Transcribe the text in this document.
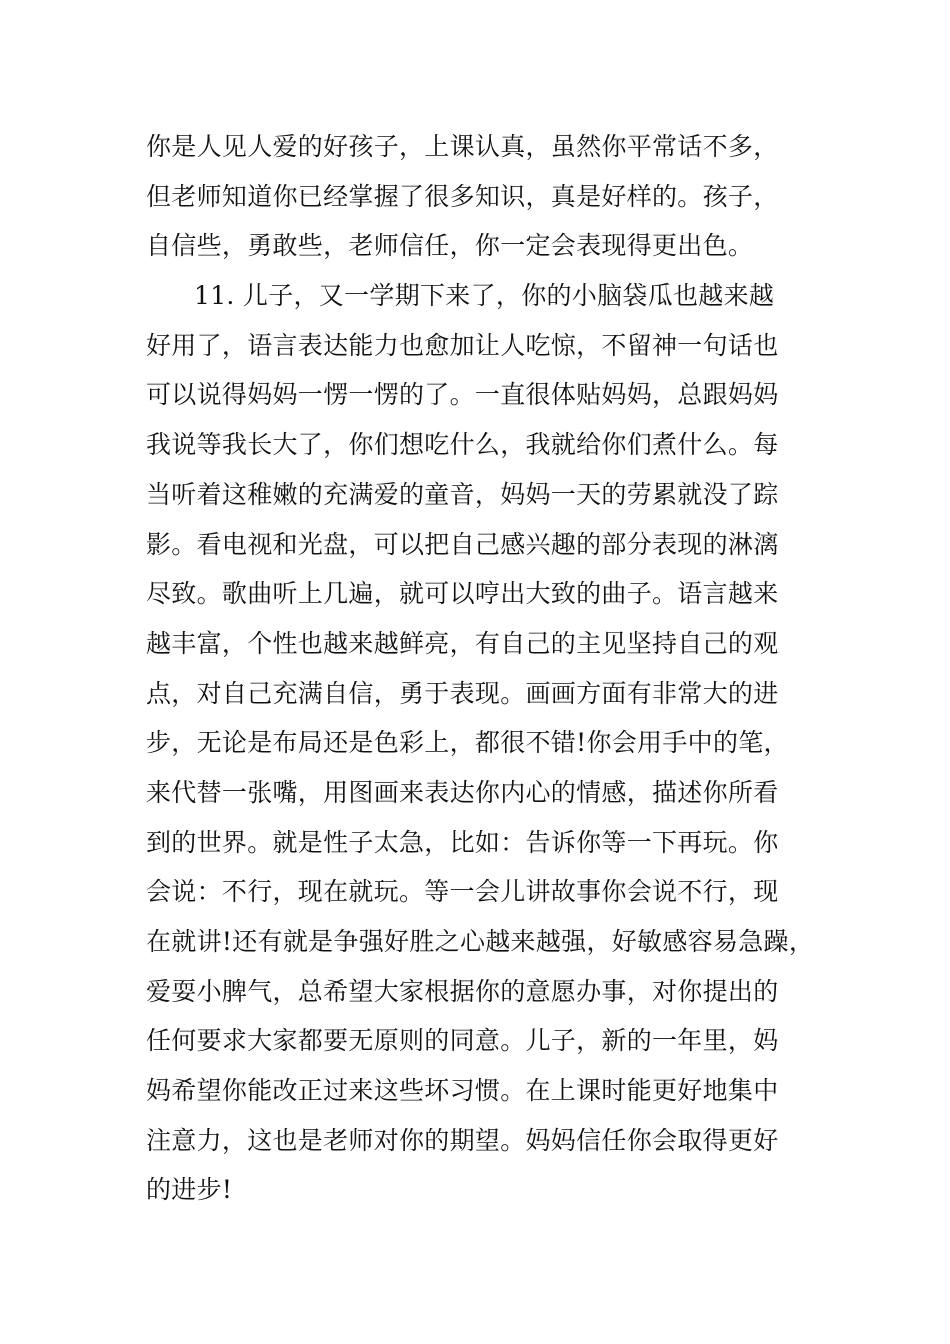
你是人见人爱的好孩子，上课认真，虽然你平常话不多，
但老师知道你已经掌握了很多知识，真是好样的。孩子，
自信些，勇敢些，老师信任，你一定会表现得更出色。
11. 儿子，又一学期下来了，你的小脑袋瓜也越来越
好用了，语言表达能力也愈加让人吃惊，不留神一句话也
可以说得妈妈一愣一愣的了。一直很体贴妈妈，总跟妈妈
我说等我长大了，你们想吃什么，我就给你们煮什么。每
当听着这稚嫩的充满爱的童音，妈妈一天的劳累就没了踪
影。看电视和光盘，可以把自己感兴趣的部分表现的淋漓
尽致。歌曲听上几遍，就可以哼出大致的曲子。语言越来
越丰富，个性也越来越鲜亮，有自己的主见坚持自己的观
点，对自己充满自信，勇于表现。画画方面有非常大的进
步，无论是布局还是色彩上，都很不错!你会用手中的笔，
来代替一张嘴，用图画来表达你内心的情感，描述你所看
到的世界。就是性子太急，比如：告诉你等一下再玩。你
会说：不行，现在就玩。等一会儿讲故事你会说不行，现
在就讲!还有就是争强好胜之心越来越强，好敏感容易急躁，
爱耍小脾气，总希望大家根据你的意愿办事，对你提出的
任何要求大家都要无原则的同意。儿子，新的一年里，妈
妈希望你能改正过来这些坏习惯。在上课时能更好地集中
注意力，这也是老师对你的期望。妈妈信任你会取得更好
的进步!
